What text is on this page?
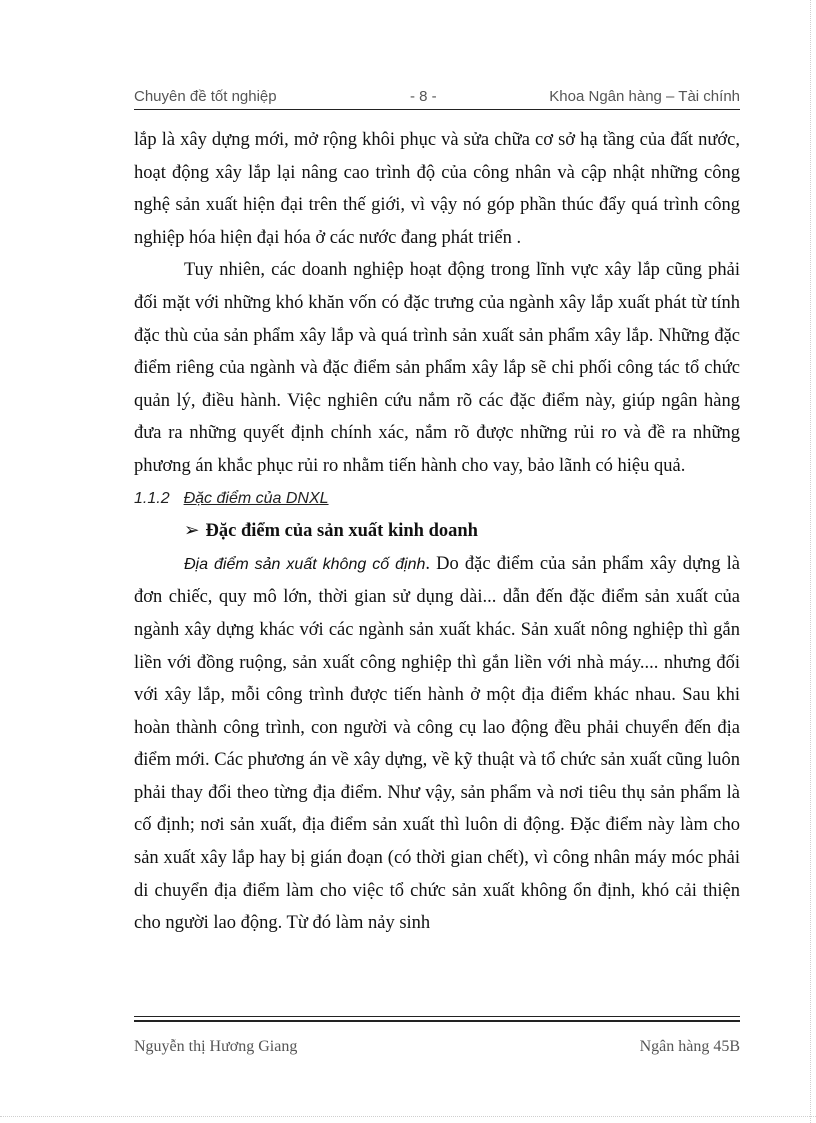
Chuyên đề tốt nghiệp	- 8 -	Khoa Ngân hàng – Tài chính

lắp là xây dựng mới, mở rộng khôi phục và sửa chữa cơ sở hạ tầng của đất nước, hoạt động xây lắp lại nâng cao trình độ của công nhân và cập nhật những công nghệ sản xuất hiện đại trên thế giới, vì vậy nó góp phần thúc đẩy quá trình công nghiệp hóa hiện đại hóa ở các nước đang phát triển .

Tuy nhiên, các doanh nghiệp hoạt động trong lĩnh vực xây lắp cũng phải đối mặt với những khó khăn vốn có đặc trưng của ngành xây lắp xuất phát từ tính đặc thù của sản phẩm xây lắp và quá trình sản xuất sản phẩm xây lắp. Những đặc điểm riêng của ngành và đặc điểm sản phẩm xây lắp sẽ chi phối công tác tổ chức quản lý, điều hành. Việc nghiên cứu nắm rõ các đặc điểm này, giúp ngân hàng đưa ra những quyết định chính xác, nắm rõ được những rủi ro và đề ra những phương án khắc phục rủi ro nhằm tiến hành cho vay, bảo lãnh có hiệu quả.

1.1.2 Đặc điểm của DNXL

➢ Đặc điểm của sản xuất kinh doanh

Địa điểm sản xuất không cố định. Do đặc điểm của sản phẩm xây dựng là đơn chiếc, quy mô lớn, thời gian sử dụng dài... dẫn đến đặc điểm sản xuất của ngành xây dựng khác với các ngành sản xuất khác. Sản xuất nông nghiệp thì gắn liền với đồng ruộng, sản xuất công nghiệp thì gắn liền với nhà máy.... nhưng đối với xây lắp, mỗi công trình được tiến hành ở một địa điểm khác nhau. Sau khi hoàn thành công trình, con người và công cụ lao động đều phải chuyển đến địa điểm mới. Các phương án về xây dựng, về kỹ thuật và tổ chức sản xuất cũng luôn phải thay đổi theo từng địa điểm. Như vậy, sản phẩm và nơi tiêu thụ sản phẩm là cố định; nơi sản xuất, địa điểm sản xuất thì luôn di động. Đặc điểm này làm cho sản xuất xây lắp hay bị gián đoạn (có thời gian chết), vì công nhân máy móc phải di chuyển địa điểm làm cho việc tổ chức sản xuất không ổn định, khó cải thiện cho người lao động. Từ đó làm nảy sinh

Nguyễn thị Hương Giang	Ngân hàng 45B
